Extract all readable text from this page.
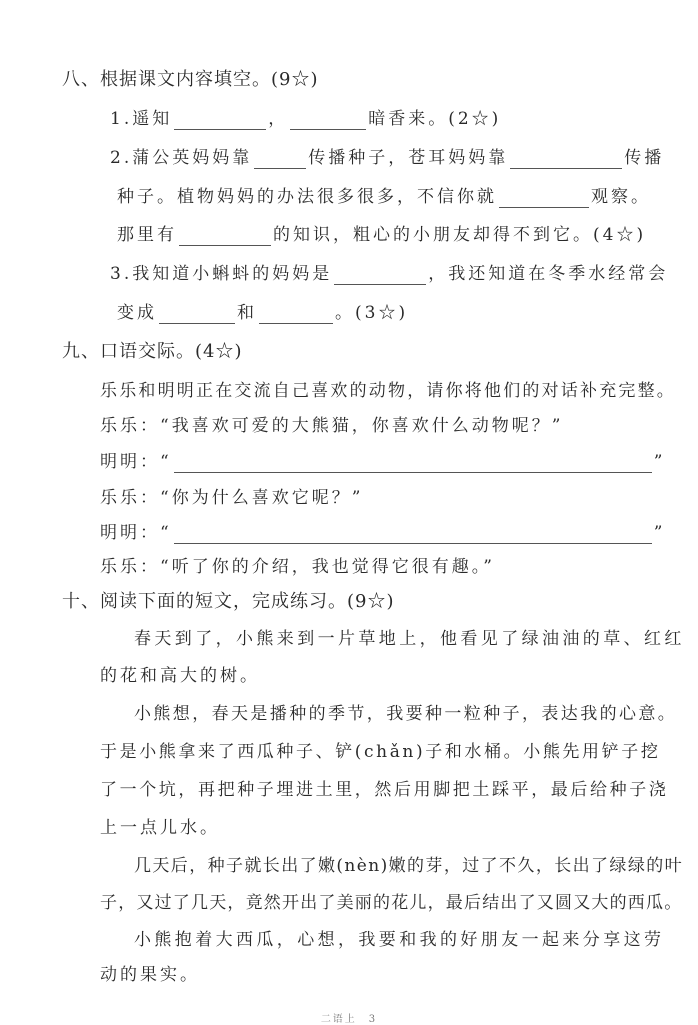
八、根据课文内容填空。(9☆)
1.遥知	，	暗香来。(2☆)
2.蒲公英妈妈靠	传播种子，苍耳妈妈靠	传播
种子。植物妈妈的办法很多很多，不信你就	观察。
那里有	的知识，粗心的小朋友却得不到它。(4☆)
3.我知道小蝌蚪的妈妈是	，我还知道在冬季水经常会
变成	和	。(3☆)
九、口语交际。(4☆)
乐乐和明明正在交流自己喜欢的动物，请你将他们的对话补充完整。
乐乐：“我喜欢可爱的大熊猫，你喜欢什么动物呢？”
明明：“	”
乐乐：“你为什么喜欢它呢？”
明明：“	”
乐乐：“听了你的介绍，我也觉得它很有趣。”
十、阅读下面的短文，完成练习。(9☆)
春天到了，小熊来到一片草地上，他看见了绿油油的草、红红
的花和高大的树。
小熊想，春天是播种的季节，我要种一粒种子，表达我的心意。
于是小熊拿来了西瓜种子、铲(chǎn)子和水桶。小熊先用铲子挖
了一个坑，再把种子埋进土里，然后用脚把土踩平，最后给种子浇
上一点儿水。
几天后，种子就长出了嫩(nèn)嫩的芽，过了不久，长出了绿绿的叶
子，又过了几天，竟然开出了美丽的花儿，最后结出了又圆又大的西瓜。
小熊抱着大西瓜，心想，我要和我的好朋友一起来分享这劳
动的果实。
二语上　3
